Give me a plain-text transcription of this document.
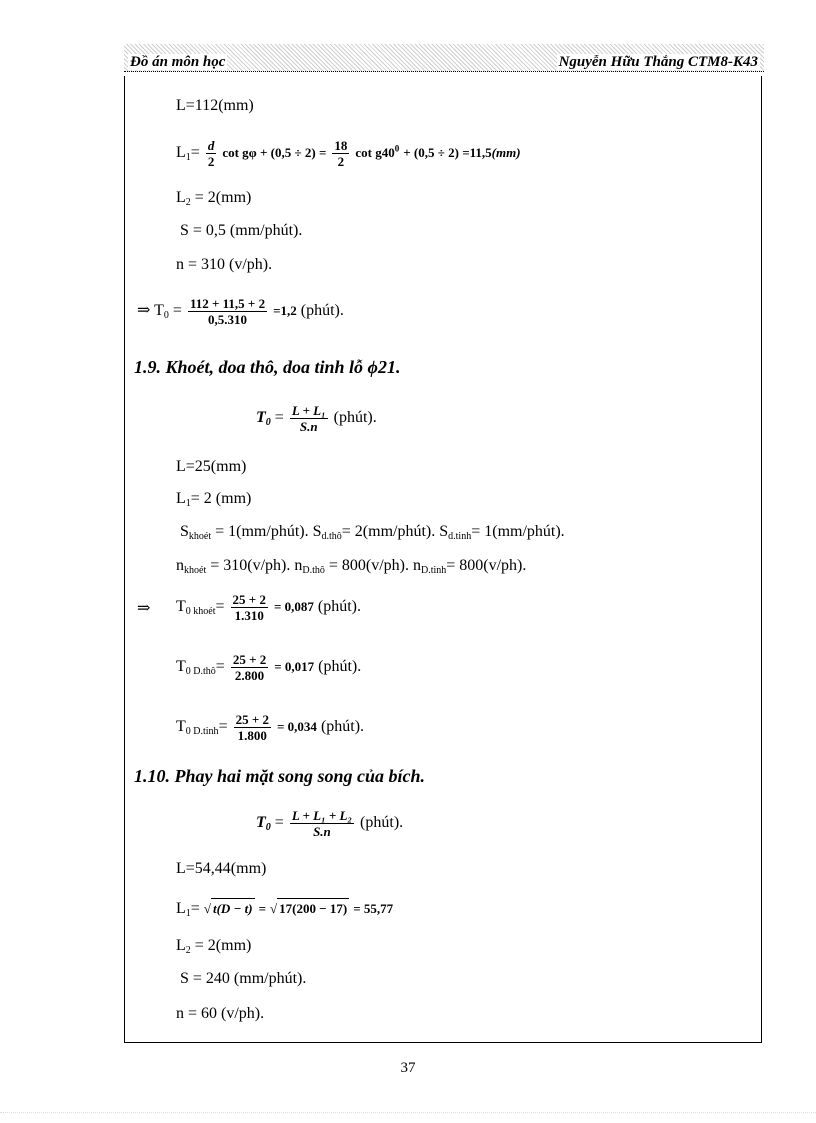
Đồ án môn học	Nguyễn Hữu Thắng CTM8-K43
L=112(mm)
$L_1= \frac{d}{2}$ $\cot g\varphi + (0,5 \div 2) = \frac{18}{2}$ $\cot g40^0 + (0,5 \div 2) =11,5(mm)$
$L_2 = 2(mm)$
S = 0,5 (mm/phút).
n = 310 (v/ph).
⇒ $T_0 = \frac{112 + 11,5 + 2}{0,5.310} =1,2$ (phút).
1.9. Khoét, doa thô, doa tinh lỗ ϕ21.
$T_0 = \frac{\text{L + L₁}}{S.n}$ (phút).
L=25(mm)
$L_1= 2$ (mm)
$S_{khoét}$ = 1(mm/phút). $S_{d.thô}=$ 2(mm/phút). $S_{d.tinh}=$ 1(mm/phút).
$n_{khoét} = 310(v/ph)$. $n_{D.thô} = 800(v/ph)$. $n_{D.tinh}= 800(v/ph)$.
⇒ $T_{0 khoét}= \frac{25 + 2}{1.310} = 0,087$ (phút).
$T_{0 D.thô}= \frac{25 + 2}{2.800} = 0,017$ (phút).
$T_{0 D.tinh}= \frac{25 + 2}{1.800} = 0,034$ (phút).
1.10. Phay hai mặt song song của bích.
$T_0 = \frac{\text{L + L₁ + L₂}}{S.n}$ (phút).
L=54,44(mm)
$L_1=$ √ t(D − t) = √ 17(200 − 17) = 55,77
$L_2 = 2(mm)$
S = 240 (mm/phút).
n = 60 (v/ph).
37
